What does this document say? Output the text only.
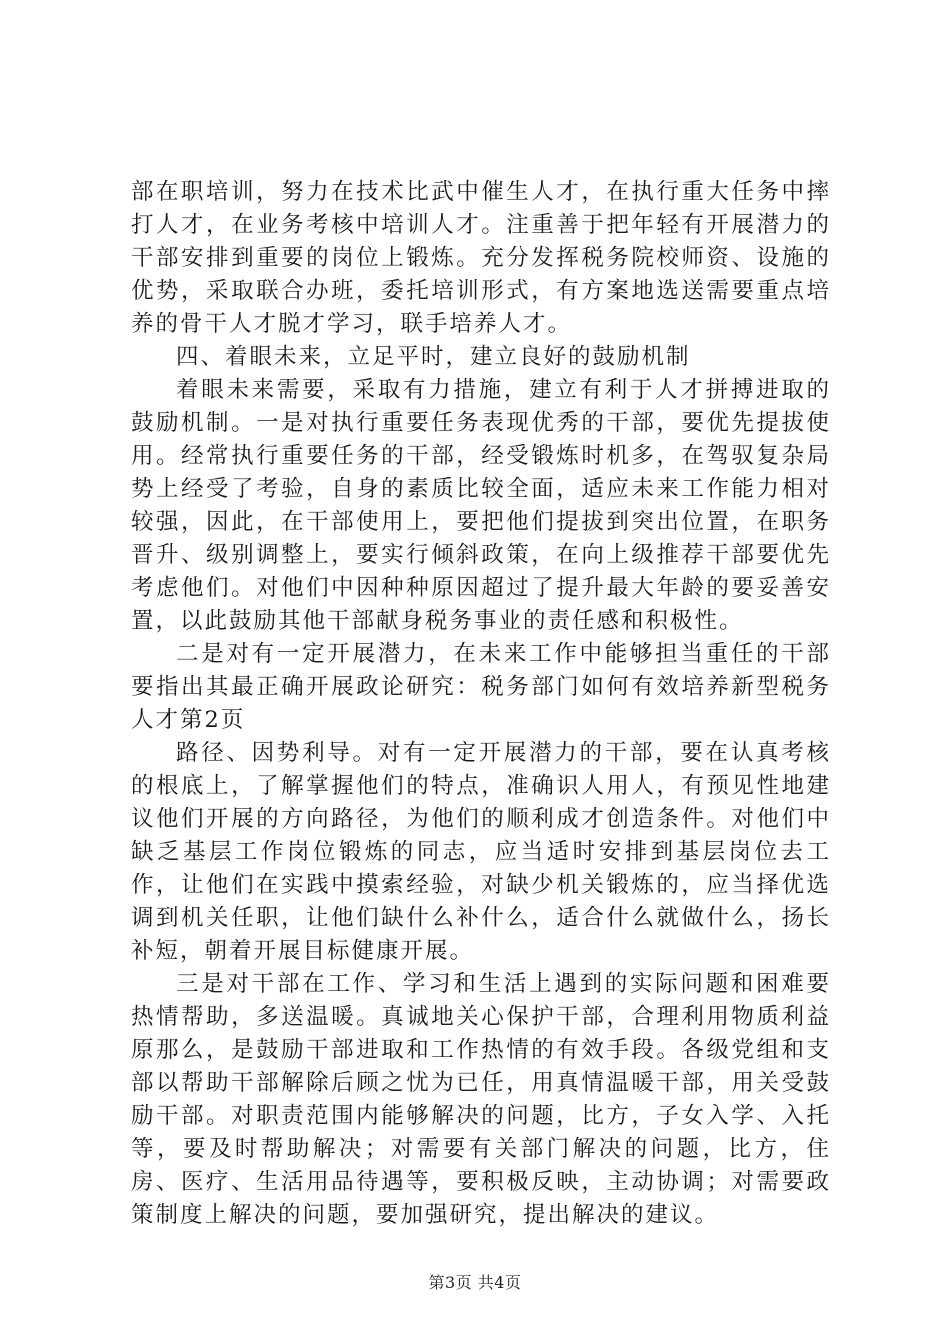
部在职培训，努力在技术比武中催生人才，在执行重大任务中摔打人才，在业务考核中培训人才。注重善于把年轻有开展潜力的干部安排到重要的岗位上锻炼。充分发挥税务院校师资、设施的优势，采取联合办班，委托培训形式，有方案地选送需要重点培养的骨干人才脱才学习，联手培养人才。

四、着眼未来，立足平时，建立良好的鼓励机制

着眼未来需要，采取有力措施，建立有利于人才拼搏进取的鼓励机制。一是对执行重要任务表现优秀的干部，要优先提拔使用。经常执行重要任务的干部，经受锻炼时机多，在驾驭复杂局势上经受了考验，自身的素质比较全面，适应未来工作能力相对较强，因此，在干部使用上，要把他们提拔到突出位置，在职务晋升、级别调整上，要实行倾斜政策，在向上级推荐干部要优先考虑他们。对他们中因种种原因超过了提升最大年龄的要妥善安置，以此鼓励其他干部献身税务事业的责任感和积极性。

二是对有一定开展潜力，在未来工作中能够担当重任的干部要指出其最正确开展政论研究：税务部门如何有效培养新型税务人才第2页

路径、因势利导。对有一定开展潜力的干部，要在认真考核的根底上，了解掌握他们的特点，准确识人用人，有预见性地建议他们开展的方向路径，为他们的顺利成才创造条件。对他们中缺乏基层工作岗位锻炼的同志，应当适时安排到基层岗位去工作，让他们在实践中摸索经验，对缺少机关锻炼的，应当择优选调到机关任职，让他们缺什么补什么，适合什么就做什么，扬长补短，朝着开展目标健康开展。

三是对干部在工作、学习和生活上遇到的实际问题和困难要热情帮助，多送温暖。真诚地关心保护干部，合理利用物质利益原那么，是鼓励干部进取和工作热情的有效手段。各级党组和支部以帮助干部解除后顾之忧为已任，用真情温暖干部，用关受鼓励干部。对职责范围内能够解决的问题，比方，子女入学、入托等，要及时帮助解决；对需要有关部门解决的问题，比方，住房、医疗、生活用品待遇等，要积极反映，主动协调；对需要政策制度上解决的问题，要加强研究，提出解决的建议。

第3页 共4页
